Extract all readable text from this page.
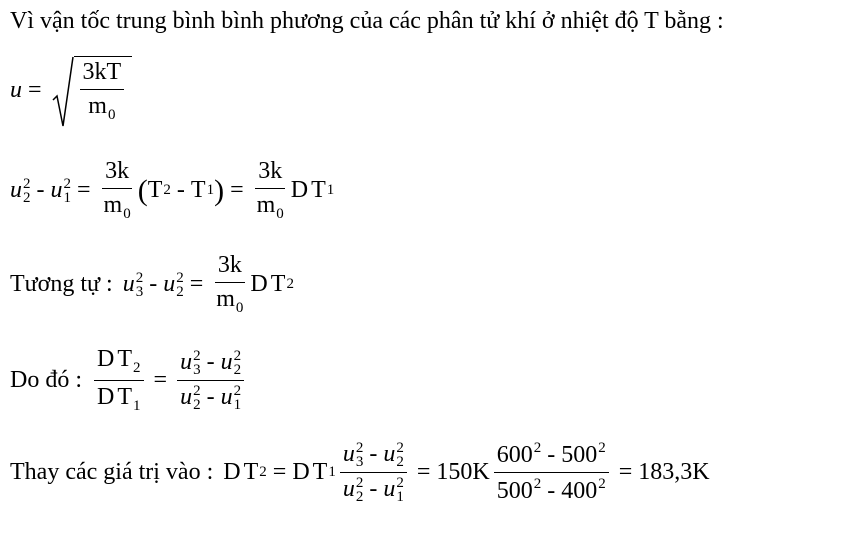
Vì vận tốc trung bình bình phương của các phân tử khí ở nhiệt độ T bằng :
$u = \frac{3kT}{m_0}$
u 2
2 - u 2
$1 = \frac{3k}{m_0}$ ( T 2 - T 1 ) = $\frac{3k}{m_0}$ D T 1
Tương tự : u 2
3 - u 2
$2 = \frac{3k}{m_0}$ D T 2
Do đó : $\frac{D T_2}{D T_1} = u$ 2
3 - u 2
2
u 2
2 - u 2
1
Thay các giá trị vào : D T 2 = D T 1 u 2
3 - u 2
2
u 2
2 - u 2
$1 = 150K \frac{600^2 - 500^2}{500^2 - 400^2} = 183,3K$
